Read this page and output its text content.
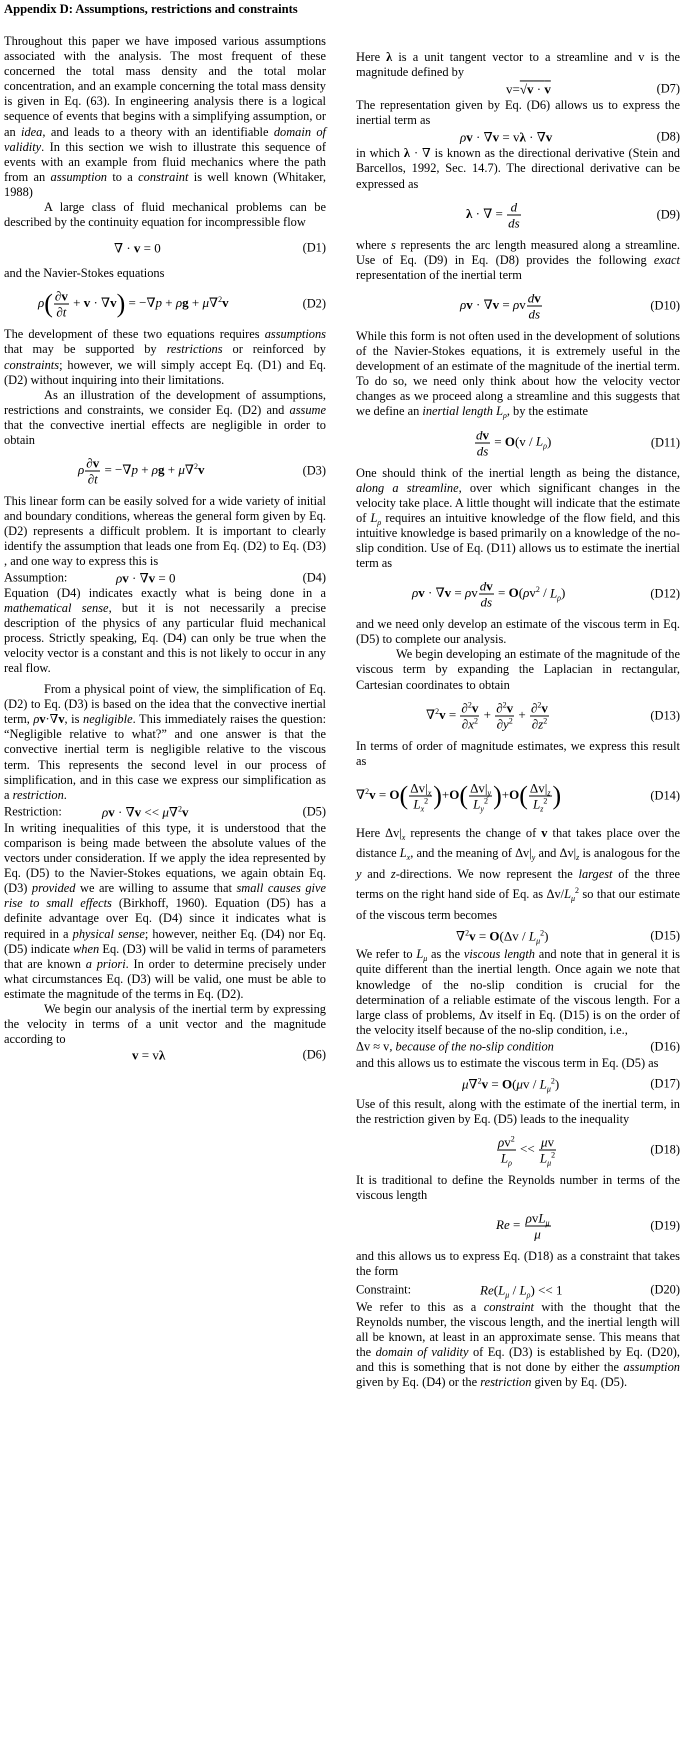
Appendix D: Assumptions, restrictions and constraints

Throughout this paper we have imposed various assumptions associated with the analysis. The most frequent of these concerned the total mass density and the total molar concentration, and an example concerning the total mass density is given in Eq. (63). In engineering analysis there is a logical sequence of events that begins with a simplifying assumption, or an idea, and leads to a theory with an identifiable domain of validity. In this section we wish to illustrate this sequence of events with an example from fluid mechanics where the path from an assumption to a constraint is well known (Whitaker, 1988)

A large class of fluid mechanical problems can be described by the continuity equation for incompressible flow

∇ · v = 0	(D1)

and the Navier-Stokes equations

$\rho( \frac{\partial v}{\partial t} + v \cdot \nabla v) = -\nabla p + \rho g + \mu\nabla^2v$	(D2)

The development of these two equations requires assumptions that may be supported by restrictions or reinforced by constraints; however, we will simply accept Eq. (D1) and Eq. (D2) without inquiring into their limitations.

As an illustration of the development of assumptions, restrictions and constraints, we consider Eq. (D2) and assume that the convective inertial effects are negligible in order to obtain

ρ $\frac{\partial v}{\partial t} = -\nabla p + \rho g + \mu\nabla^2v$	(D3)

This linear form can be easily solved for a wide variety of initial and boundary conditions, whereas the general form given by Eq. (D2) represents a difficult problem. It is important to clearly identify the assumption that leads one from Eq. (D2) to Eq. (D3) , and one way to express this is

Assumption:	ρv · ∇v = 0	(D4)

Equation (D4) indicates exactly what is being done in a mathematical sense, but it is not necessarily a precise description of the physics of any particular fluid mechanical process. Strictly speaking, Eq. (D4) can only be true when the velocity vector is a constant and this is not likely to occur in any real flow.

From a physical point of view, the simplification of Eq. (D2) to Eq. (D3) is based on the idea that the convective inertial term, ρv·∇v, is negligible. This immediately raises the question: “Negligible relative to what?” and one answer is that the convective inertial term is negligible relative to the viscous term. This represents the second level in our process of simplification, and in this case we express our simplification as a restriction.

Restriction:	ρv · ∇v << μ∇$^2$v	(D5)

In writing inequalities of this type, it is understood that the comparison is being made between the absolute values of the vectors under consideration. If we apply the idea represented by Eq. (D5) to the Navier-Stokes equations, we again obtain Eq. (D3) provided we are willing to assume that small causes give rise to small effects (Birkhoff, 1960). Equation (D5) has a definite advantage over Eq. (D4) since it indicates what is required in a physical sense; however, neither Eq. (D4) nor Eq. (D5) indicate when Eq. (D3) will be valid in terms of parameters that are known a priori. In order to determine precisely under what circumstances Eq. (D3) will be valid, one must be able to estimate the magnitude of the terms in Eq. (D2).

We begin our analysis of the inertial term by expressing the velocity in terms of a unit vector and the magnitude according to

v = vλ	(D6)

Here λ is a unit tangent vector to a streamline and v is the magnitude defined by

v=√v · v	(D7)

The representation given by Eq. (D6) allows us to express the inertial term as

ρv · ∇v = vλ · ∇v	(D8)

in which λ · ∇ is known as the directional derivative (Stein and Barcellos, 1992, Sec. 14.7). The directional derivative can be expressed as

λ · ∇ = $\frac{d}{ds}$	(D9)

where s represents the arc length measured along a streamline. Use of Eq. (D9) in Eq. (D8) provides the following exact representation of the inertial term

ρv · ∇v = ρv $\frac{dv}{ds}$	(D10)

While this form is not often used in the development of solutions of the Navier-Stokes equations, it is extremely useful in the development of an estimate of the magnitude of the inertial term. To do so, we need only think about how the velocity vector changes as we proceed along a streamline and this suggests that we define an inertial length $L_\rho$, by the estimate

$\frac{dv}{ds} = O(v / L_\rho)$	(D11)

One should think of the inertial length as being the distance, along a streamline, over which significant changes in the velocity take place. A little thought will indicate that the estimate of $L_\rho$ requires an intuitive knowledge of the flow field, and this intuitive knowledge is based primarily on a knowledge of the no-slip condition. Use of Eq. (D11) allows us to estimate the inertial term as

ρv · ∇v = ρv $\frac{dv}{ds} = O(\rho v^2 / L_\rho)$	(D12)

and we need only develop an estimate of the viscous term in Eq. (D5) to complete our analysis.

We begin developing an estimate of the magnitude of the viscous term by expanding the Laplacian in rectangular, Cartesian coordinates to obtain

$\nabla^2v = \frac{\partial^2v}{\partial x^2} + \frac{\partial^2v}{\partial y^2} + \frac{\partial^2v}{\partial z^2}$	(D13)

In terms of order of magnitude estimates, we express this result as

$\nabla^2v = O( \frac{\Delta v|_x}{L_x^2} )+O( \frac{\Delta v|_y}{L_y^2} )+O( \frac{\Delta v|_z}{L_z^2}$ )	(D14)

Here $\Delta v|_x$ represents the change of v that takes place over the distance $L_x$, and the meaning of $\Delta v|_y$ and $\Delta v|_z$ is analogous for the y and z-directions. We now represent the largest of the three terms on the right hand side of Eq. as $\Delta v/L_\mu^2$ so that our estimate of the viscous term becomes

$\nabla^2v = O(\Delta v / L_\mu^2)$	(D15)

We refer to $L_\mu$ as the viscous length and note that in general it is quite different than the inertial length. Once again we note that knowledge of the no-slip condition is crucial for the determination of a reliable estimate of the viscous length. For a large class of problems, Δv itself in Eq. (D15) is on the order of the velocity itself because of the no-slip condition, i.e.,

Δv ≈ v, because of the no-slip condition	(D16)

and this allows us to estimate the viscous term in Eq. (D5) as

$\mu\nabla^2v = O(\mu v / L_\mu^2)$	(D17)

Use of this result, along with the estimate of the inertial term, in the restriction given by Eq. (D5) leads to the inequality

$\frac{\rho v^2}{L_\rho} << \frac{\mu v}{L_\mu^2}$	(D18)

It is traditional to define the Reynolds number in terms of the viscous length

$Re = \frac{\rho vL_\mu}{\mu}$	(D19)

and this allows us to express Eq. (D18) as a constraint that takes the form

Constraint:	$Re(L_\mu / L_\rho) << 1$	(D20)

We refer to this as a constraint with the thought that the Reynolds number, the viscous length, and the inertial length will all be known, at least in an approximate sense. This means that the domain of validity of Eq. (D3) is established by Eq. (D20), and this is something that is not done by either the assumption given by Eq. (D4) or the restriction given by Eq. (D5).
